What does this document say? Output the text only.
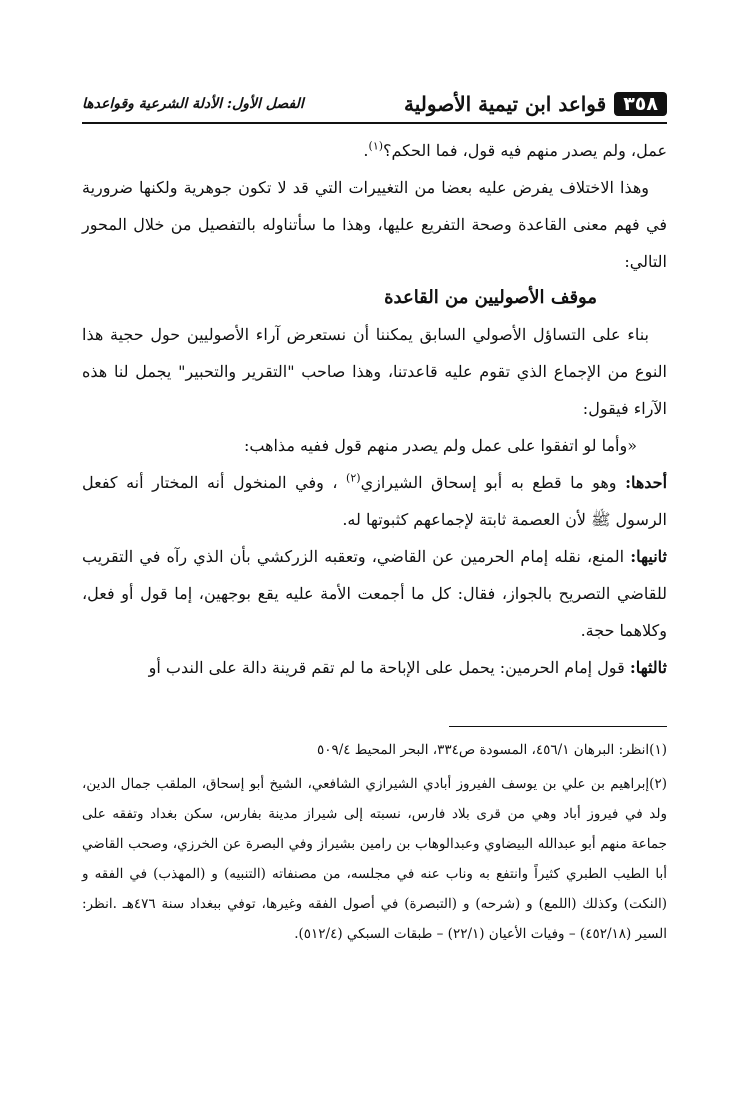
٣٥٨
قواعد ابن تيمية الأصولية
الفصل الأول: الأدلة الشرعية وقواعدها

عمل، ولم يصدر منهم فيه قول، فما الحكم؟$^{(١)}$.

وهذا الاختلاف يفرض عليه بعضا من التغييرات التي قد لا تكون جوهرية ولكنها ضرورية في فهم معنى القاعدة وصحة التفريع عليها، وهذا ما سأتناوله بالتفصيل من خلال المحور التالي:

موقف الأصوليين من القاعدة

بناء على التساؤل الأصولي السابق يمكننا أن نستعرض آراء الأصوليين حول حجية هذا النوع من الإجماع الذي تقوم عليه قاعدتنا، وهذا صاحب "التقرير والتحبير" يجمل لنا هذه الآراء فيقول:

«وأما لو اتفقوا على عمل ولم يصدر منهم قول ففيه مذاهب:

أحدها: وهو ما قطع به أبو إسحاق الشيرازي$^{(٢)}$ ، وفي المنخول أنه المختار أنه كفعل الرسول ﷺ لأن العصمة ثابتة لإجماعهم كثبوتها له.

ثانيها: المنع، نقله إمام الحرمين عن القاضي، وتعقبه الزركشي بأن الذي رآه في التقريب للقاضي التصريح بالجواز، فقال: كل ما أجمعت الأمة عليه يقع بوجهين، إما قول أو فعل، وكلاهما حجة.

ثالثها: قول إمام الحرمين: يحمل على الإباحة ما لم تقم قرينة دالة على الندب أو

(١)انظر: البرهان ٤٥٦/١، المسودة ص٣٣٤، البحر المحيط ٥٠٩/٤

(٢)إبراهيم بن علي بن يوسف الفيروز أبادي الشيرازي الشافعي، الشيخ أبو إسحاق، الملقب جمال الدين، ولد في فيروز أباد وهي من قرى بلاد فارس، نسبته إلى شيراز مدينة بفارس، سكن بغداد وتفقه على جماعة منهم أبو عبدالله البيضاوي وعبدالوهاب بن رامين بشيراز وفي البصرة عن الخرزي، وصحب القاضي أبا الطيب الطبري كثيراً وانتفع به وناب عنه في مجلسه، من مصنفاته (التنبيه) و (المهذب) في الفقه و (النكت) وكذلك (اللمع) و (شرحه) و (التبصرة) في أصول الفقه وغيرها، توفي ببغداد سنة ٤٧٦هـ .انظر: السير (٤٥٢/١٨) – وفيات الأعيان (٢٢/١) – طبقات السبكي (٥١٢/٤).
